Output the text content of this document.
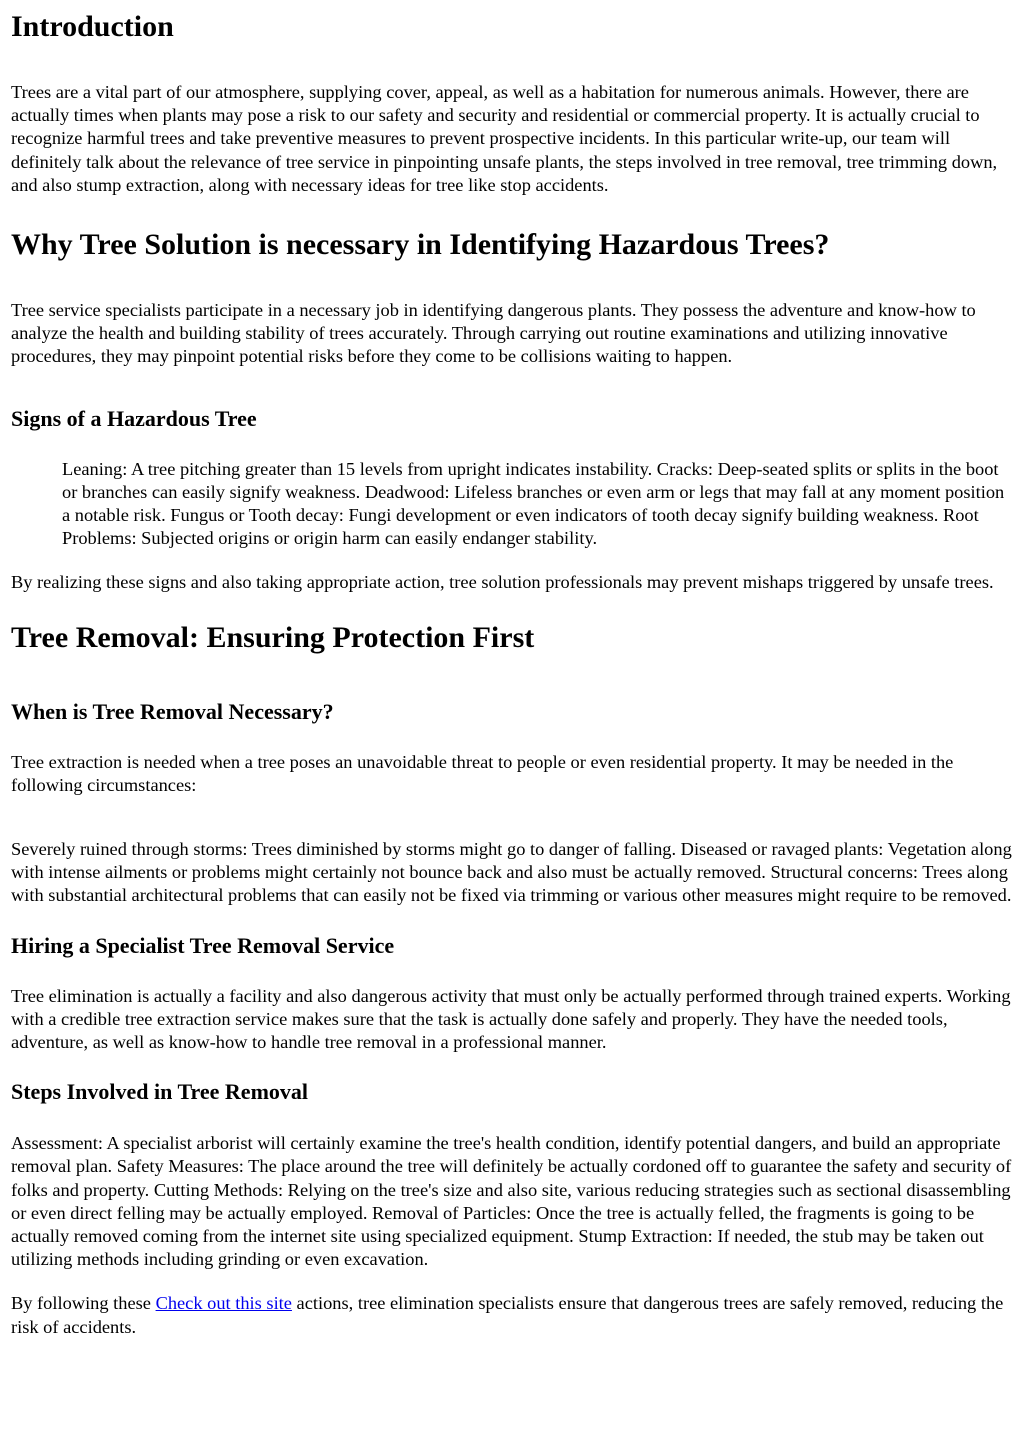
Introduction

Trees are a vital part of our atmosphere, supplying cover, appeal, as well as a habitation for numerous animals. However, there are actually times when plants may pose a risk to our safety and security and residential or commercial property. It is actually crucial to recognize harmful trees and take preventive measures to prevent prospective incidents. In this particular write-up, our team will definitely talk about the relevance of tree service in pinpointing unsafe plants, the steps involved in tree removal, tree trimming down, and also stump extraction, along with necessary ideas for tree like stop accidents.

Why Tree Solution is necessary in Identifying Hazardous Trees?

Tree service specialists participate in a necessary job in identifying dangerous plants. They possess the adventure and know-how to analyze the health and building stability of trees accurately. Through carrying out routine examinations and utilizing innovative procedures, they may pinpoint potential risks before they come to be collisions waiting to happen.

Signs of a Hazardous Tree
Leaning: A tree pitching greater than 15 levels from upright indicates instability. Cracks: Deep-seated splits or splits in the boot or branches can easily signify weakness. Deadwood: Lifeless branches or even arm or legs that may fall at any moment position a notable risk. Fungus or Tooth decay: Fungi development or even indicators of tooth decay signify building weakness. Root Problems: Subjected origins or origin harm can easily endanger stability.

By realizing these signs and also taking appropriate action, tree solution professionals may prevent mishaps triggered by unsafe trees.

Tree Removal: Ensuring Protection First
When is Tree Removal Necessary?

Tree extraction is needed when a tree poses an unavoidable threat to people or even residential property. It may be needed in the following circumstances:

Severely ruined through storms: Trees diminished by storms might go to danger of falling. Diseased or ravaged plants: Vegetation along with intense ailments or problems might certainly not bounce back and also must be actually removed. Structural concerns: Trees along with substantial architectural problems that can easily not be fixed via trimming or various other measures might require to be removed.

Hiring a Specialist Tree Removal Service

Tree elimination is actually a facility and also dangerous activity that must only be actually performed through trained experts. Working with a credible tree extraction service makes sure that the task is actually done safely and properly. They have the needed tools, adventure, as well as know-how to handle tree removal in a professional manner.

Steps Involved in Tree Removal

Assessment: A specialist arborist will certainly examine the tree's health condition, identify potential dangers, and build an appropriate removal plan. Safety Measures: The place around the tree will definitely be actually cordoned off to guarantee the safety and security of folks and property. Cutting Methods: Relying on the tree's size and also site, various reducing strategies such as sectional disassembling or even direct felling may be actually employed. Removal of Particles: Once the tree is actually felled, the fragments is going to be actually removed coming from the internet site using specialized equipment. Stump Extraction: If needed, the stub may be taken out utilizing methods including grinding or even excavation.

By following these Check out this site actions, tree elimination specialists ensure that dangerous trees are safely removed, reducing the risk of accidents.
